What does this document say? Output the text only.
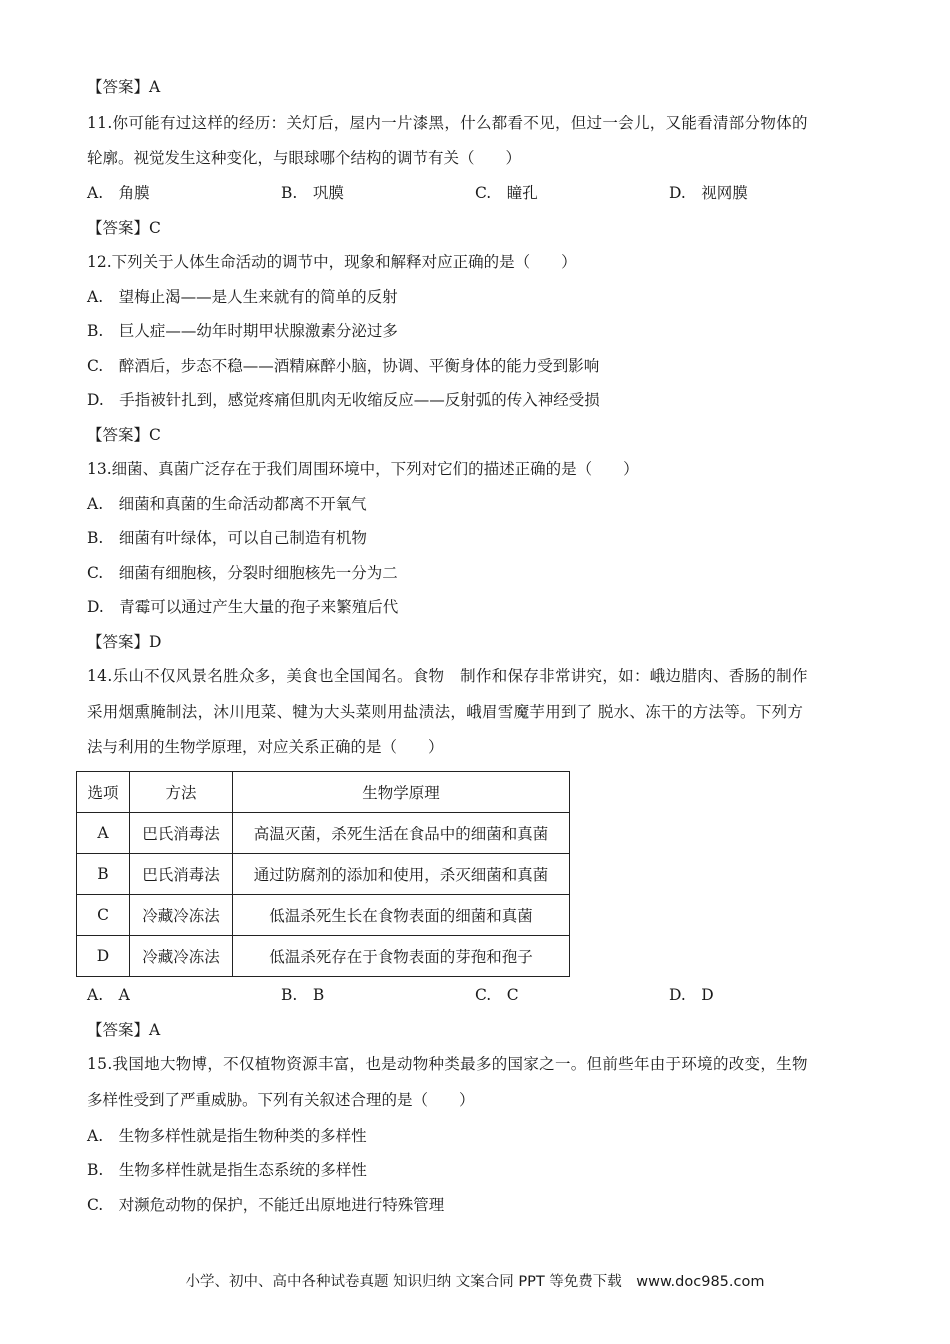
【答案】A
11.你可能有过这样的经历：关灯后，屋内一片漆黑，什么都看不见，但过一会儿，又能看清部分物体的
轮廓。视觉发生这种变化，与眼球哪个结构的调节有关（　　）
A.　角膜	B.　巩膜	C.　瞳孔	D.　视网膜
【答案】C
12.下列关于人体生命活动的调节中，现象和解释对应正确的是（　　）
A.　望梅止渴——是人生来就有的简单的反射
B.　巨人症——幼年时期甲状腺激素分泌过多
C.　醉酒后，步态不稳——酒精麻醉小脑，协调、平衡身体的能力受到影响
D.　手指被针扎到，感觉疼痛但肌肉无收缩反应——反射弧的传入神经受损
【答案】C
13.细菌、真菌广泛存在于我们周围环境中，下列对它们的描述正确的是（　　）
A.　细菌和真菌的生命活动都离不开氧气
B.　细菌有叶绿体，可以自己制造有机物
C.　细菌有细胞核，分裂时细胞核先一分为二
D.　青霉可以通过产生大量的孢子来繁殖后代
【答案】D
14.乐山不仅风景名胜众多，美食也全国闻名。食物　制作和保存非常讲究，如：峨边腊肉、香肠的制作
采用烟熏腌制法，沐川甩菜、犍为大头菜则用盐渍法，峨眉雪魔芋用到了 脱水、冻干的方法等。下列方
法与利用的生物学原理，对应关系正确的是（　　）
选项	方法	生物学原理
A	巴氏消毒法	高温灭菌，杀死生活在食品中的细菌和真菌
B	巴氏消毒法	通过防腐剂的添加和使用，杀灭细菌和真菌
C	冷藏冷冻法	低温杀死生长在食物表面的细菌和真菌
D	冷藏冷冻法	低温杀死存在于食物表面的芽孢和孢子
A.　A	B.　B	C.　C	D.　D
【答案】A
15.我国地大物博，不仅植物资源丰富，也是动物种类最多的国家之一。但前些年由于环境的改变，生物
多样性受到了严重威胁。下列有关叙述合理的是（　　）
A.　生物多样性就是指生物种类的多样性
B.　生物多样性就是指生态系统的多样性
C.　对濒危动物的保护，不能迁出原地进行特殊管理
小学、初中、高中各种试卷真题 知识归纳 文案合同 PPT 等免费下载　www.doc985.com
